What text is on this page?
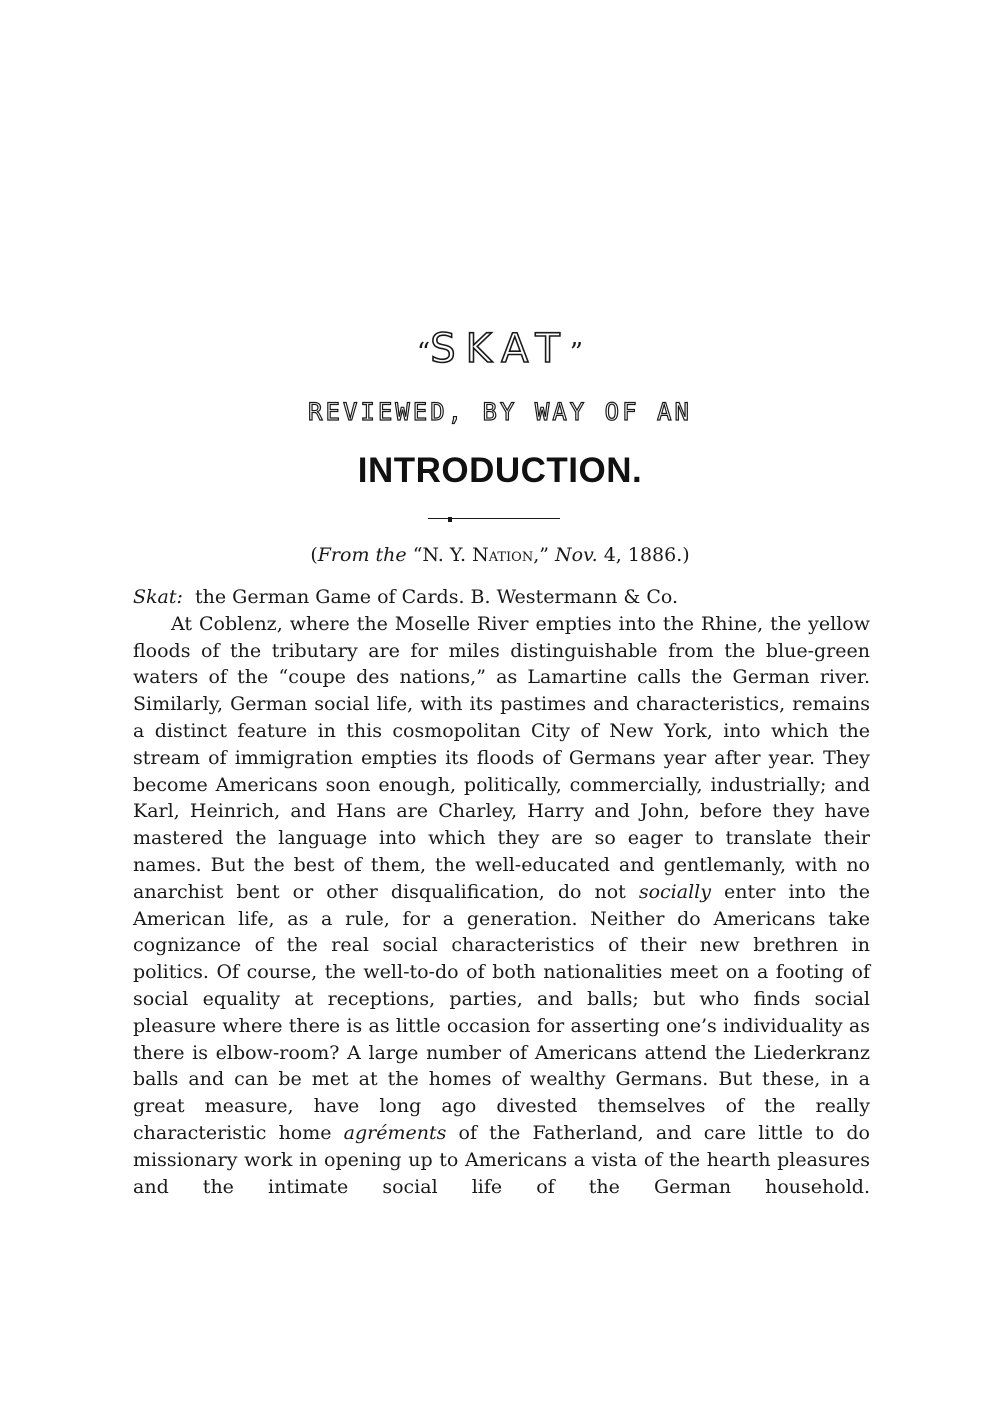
“SKAT”
REVIEWED, BY WAY OF AN
INTRODUCTION.
(From the “N. Y. Nation,” Nov. 4, 1886.)

Skat: the German Game of Cards. B. Westermann & Co.

At Coblenz, where the Moselle River empties into the Rhine, the yellow floods of the tributary are for miles distinguishable from the blue-green waters of the “coupe des nations,” as Lamartine calls the German river. Similarly, German social life, with its pastimes and characteristics, remains a distinct feature in this cosmopolitan City of New York, into which the stream of immigration empties its floods of Germans year after year. They become Americans soon enough, politically, commercially, industrially; and Karl, Heinrich, and Hans are Charley, Harry and John, before they have mastered the language into which they are so eager to translate their names. But the best of them, the well-educated and gentlemanly, with no anarchist bent or other disqualification, do not socially enter into the American life, as a rule, for a generation. Neither do Americans take cognizance of the real social characteristics of their new brethren in politics. Of course, the well-to-do of both nationalities meet on a footing of social equality at receptions, parties, and balls; but who finds social pleasure where there is as little occasion for asserting one’s individuality as there is elbow-room? A large number of Americans attend the Liederkranz balls and can be met at the homes of wealthy Germans. But these, in a great measure, have long ago divested themselves of the really characteristic home agréments of the Fatherland, and care little to do missionary work in opening up to Americans a vista of the hearth pleasures and the intimate social life of the German household.
